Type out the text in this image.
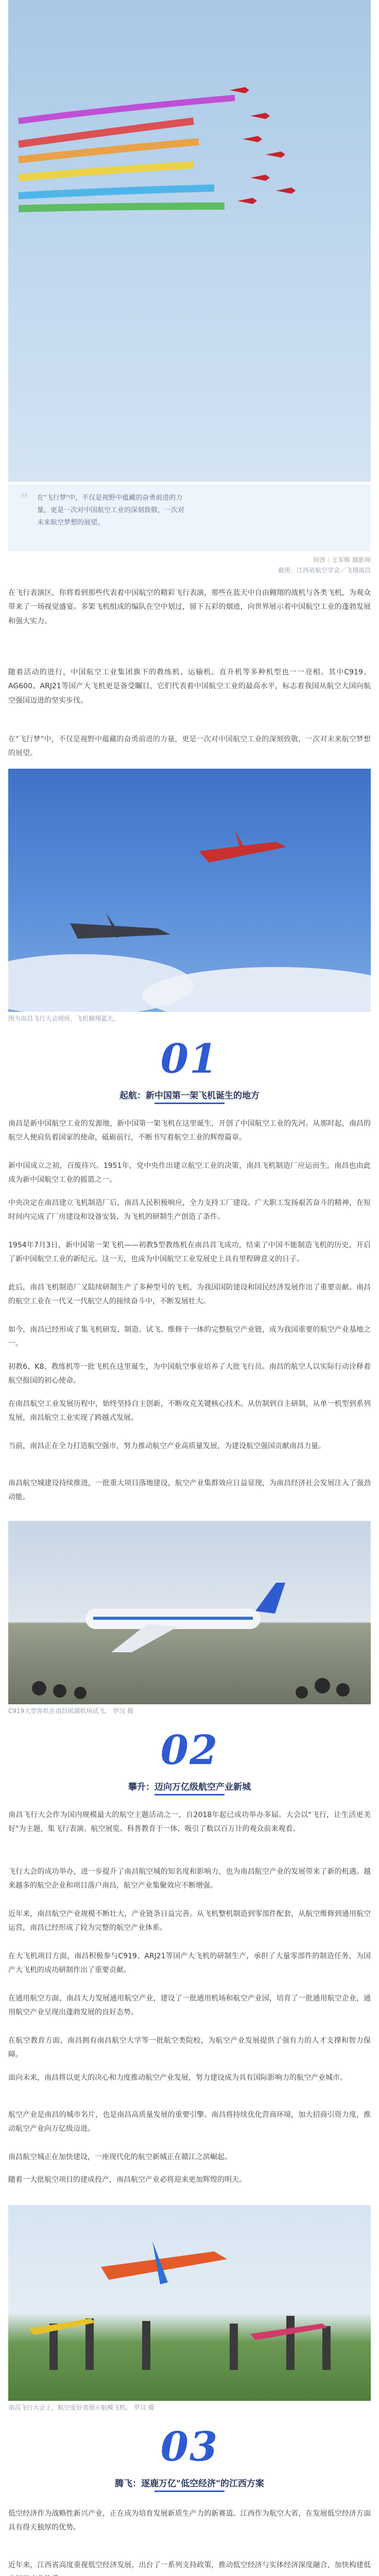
“ 在"飞行梦"中，不仅是视野中蕴藏的奋勇前进的力量，更是一次对中国航空工业的深刻致敬，一次对未来航空梦想的展望。
何淳｜王军辉 摄影师
截图：江西省航空学会／飞翔南昌

在飞行表演区，你将看到那些代表着中国航空的精彩飞行表演，那些在蓝天中自由翱翔的战机与各类飞机，为观众带来了一场视觉盛宴。多架飞机组成的编队在空中划过，留下五彩的烟迹，向世界展示着中国航空工业的蓬勃发展和强大实力。

随着活动的进行，中国航空工业集团旗下的教练机、运输机、直升机等多种机型也一一亮相。其中C919、AG600、ARJ21等国产大飞机更是备受瞩目，它们代表着中国航空工业的最高水平，标志着我国从航空大国向航空强国迈进的坚实步伐。

在"飞行梦"中，不仅是视野中蕴藏的奋勇前进的力量，更是一次对中国航空工业的深刻致敬，一次对未来航空梦想的展望。

图为南昌飞行大会现场，飞机翱翔蓝天。
01
起航：新中国第一架飞机诞生的地方

南昌是新中国航空工业的发源地，新中国第一架飞机在这里诞生，开创了中国航空工业的先河。从那时起，南昌的航空人便肩负着国家的使命，砥砺前行，不断书写着航空工业的辉煌篇章。

新中国成立之初，百废待兴。1951年，党中央作出建立航空工业的决策，南昌飞机制造厂应运而生。南昌也由此成为新中国航空工业的摇篮之一。

中央决定在南昌建立飞机制造厂后，南昌人民积极响应，全力支持工厂建设。广大职工发扬艰苦奋斗的精神，在短时间内完成了厂房建设和设备安装，为飞机的研制生产创造了条件。

1954年7月3日，新中国第一架飞机——初教5型教练机在南昌首飞成功，结束了中国不能制造飞机的历史，开启了新中国航空工业的新纪元。这一天，也成为中国航空工业发展史上具有里程碑意义的日子。

此后，南昌飞机制造厂又陆续研制生产了多种型号的飞机，为我国国防建设和国民经济发展作出了重要贡献。南昌的航空工业在一代又一代航空人的接续奋斗中，不断发展壮大。

如今，南昌已经形成了集飞机研发、制造、试飞、维修于一体的完整航空产业链，成为我国重要的航空产业基地之一。

初教6、K8、教练机等一批飞机在这里诞生，为中国航空事业培养了大批飞行员。南昌的航空人以实际行动诠释着航空报国的初心使命。

在南昌航空工业发展历程中，始终坚持自主创新，不断攻克关键核心技术。从仿制到自主研制，从单一机型到系列发展，南昌航空工业实现了跨越式发展。

当前，南昌正在全力打造航空强市，努力推动航空产业高质量发展，为建设航空强国贡献南昌力量。

南昌航空城建设持续推进，一批重大项目落地建设，航空产业集群效应日益显现，为南昌经济社会发展注入了强劲动能。

C919大型客机在南昌瑶湖机场试飞。 罗汉 摄
02
攀升：迈向万亿级航空产业新城

南昌飞行大会作为国内规模最大的航空主题活动之一，自2018年起已成功举办多届。大会以"飞行，让生活更美好"为主题，集飞行表演、航空展览、科普教育于一体，吸引了数以百万计的观众前来观看。

飞行大会的成功举办，进一步提升了南昌航空城的知名度和影响力，也为南昌航空产业的发展带来了新的机遇。越来越多的航空企业和项目落户南昌，航空产业集聚效应不断增强。

近年来，南昌航空产业规模不断壮大，产业链条日益完善。从飞机整机制造到零部件配套，从航空维修到通用航空运营，南昌已经形成了较为完整的航空产业体系。

在大飞机项目方面，南昌积极参与C919、ARJ21等国产大飞机的研制生产，承担了大量零部件的制造任务，为国产大飞机的成功研制作出了重要贡献。

在通用航空方面，南昌大力发展通用航空产业，建设了一批通用机场和航空产业园，培育了一批通用航空企业，通用航空产业呈现出蓬勃发展的良好态势。

在航空教育方面，南昌拥有南昌航空大学等一批航空类院校，为航空产业发展提供了强有力的人才支撑和智力保障。

面向未来，南昌将以更大的决心和力度推动航空产业发展，努力建设成为具有国际影响力的航空产业城市。

航空产业是南昌的城市名片，也是南昌高质量发展的重要引擎。南昌将持续优化营商环境，加大招商引资力度，推动航空产业向万亿级迈进。

南昌航空城正在加快建设，一座现代化的航空新城正在赣江之滨崛起。

随着一大批航空项目的建成投产，南昌航空产业必将迎来更加辉煌的明天。

南昌飞行大会上，航空爱好者展示航模飞机。 罗汉 摄
03
腾飞：逐鹿万亿"低空经济"的江西方案

低空经济作为战略性新兴产业，正在成为培育发展新质生产力的新赛道。江西作为航空大省，在发展低空经济方面具有得天独厚的优势。

近年来，江西省高度重视低空经济发展，出台了一系列支持政策，推动低空经济与实体经济深度融合，加快构建低
